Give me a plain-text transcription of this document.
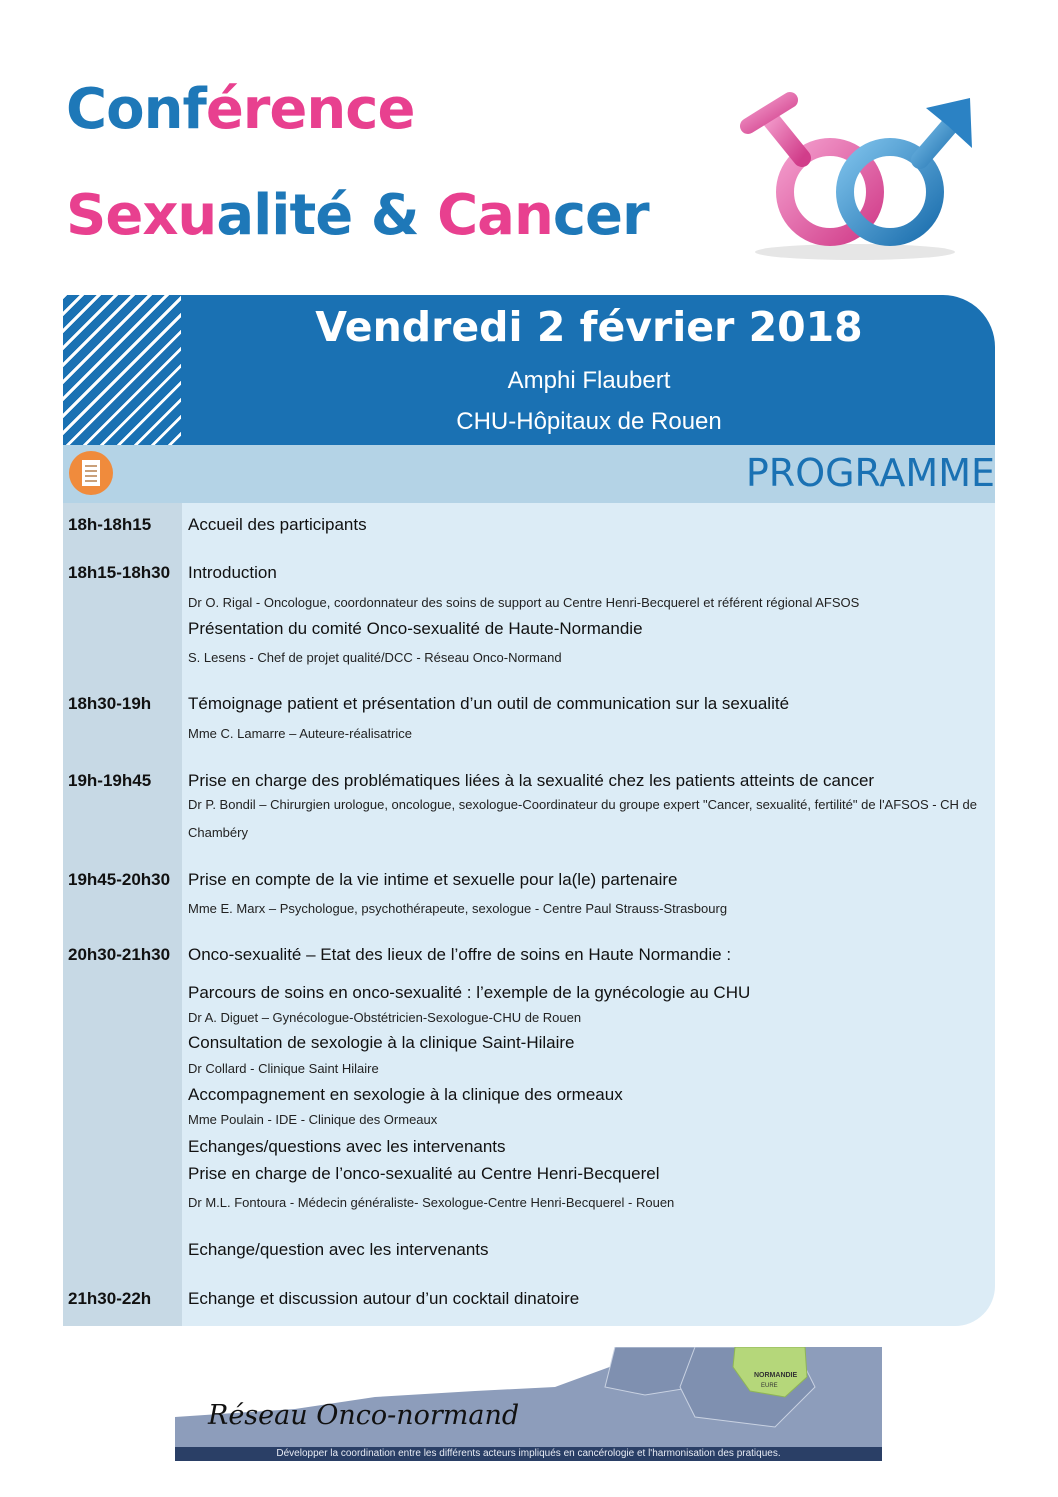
Conférence
Sexualité & Cancer
Vendredi 2 février 2018
Amphi Flaubert
CHU-Hôpitaux de Rouen
PROGRAMME
18h-18h15 Accueil des participants
18h15-18h30 Introduction
Dr O. Rigal - Oncologue, coordonnateur des soins de support au Centre Henri-Becquerel et référent régional AFSOS
Présentation du comité Onco-sexualité de Haute-Normandie
S. Lesens - Chef de projet qualité/DCC - Réseau Onco-Normand
18h30-19h Témoignage patient et présentation d’un outil de communication sur la sexualité
Mme C. Lamarre – Auteure-réalisatrice
19h-19h45 Prise en charge des problématiques liées à la sexualité chez les patients atteints de cancer
Dr P. Bondil – Chirurgien urologue, oncologue, sexologue-Coordinateur du groupe expert "Cancer, sexualité, fertilité" de l'AFSOS - CH de
Chambéry
19h45-20h30 Prise en compte de la vie intime et sexuelle pour la(le) partenaire
Mme E. Marx – Psychologue, psychothérapeute, sexologue - Centre Paul Strauss-Strasbourg
20h30-21h30 Onco-sexualité – Etat des lieux de l’offre de soins en Haute Normandie :
Parcours de soins en onco-sexualité : l’exemple de la gynécologie au CHU
Dr A. Diguet – Gynécologue-Obstétricien-Sexologue-CHU de Rouen
Consultation de sexologie à la clinique Saint-Hilaire
Dr Collard - Clinique Saint Hilaire
Accompagnement en sexologie à la clinique des ormeaux
Mme Poulain - IDE - Clinique des Ormeaux
Echanges/questions avec les intervenants
Prise en charge de l’onco-sexualité au Centre Henri-Becquerel
Dr M.L. Fontoura - Médecin généraliste- Sexologue-Centre Henri-Becquerel - Rouen
Echange/question avec les intervenants
21h30-22h Echange et discussion autour d’un cocktail dinatoire
NORMANDIE
EURE
Réseau Onco-normand
Développer la coordination entre les différents acteurs impliqués en cancérologie et l'harmonisation des pratiques.
